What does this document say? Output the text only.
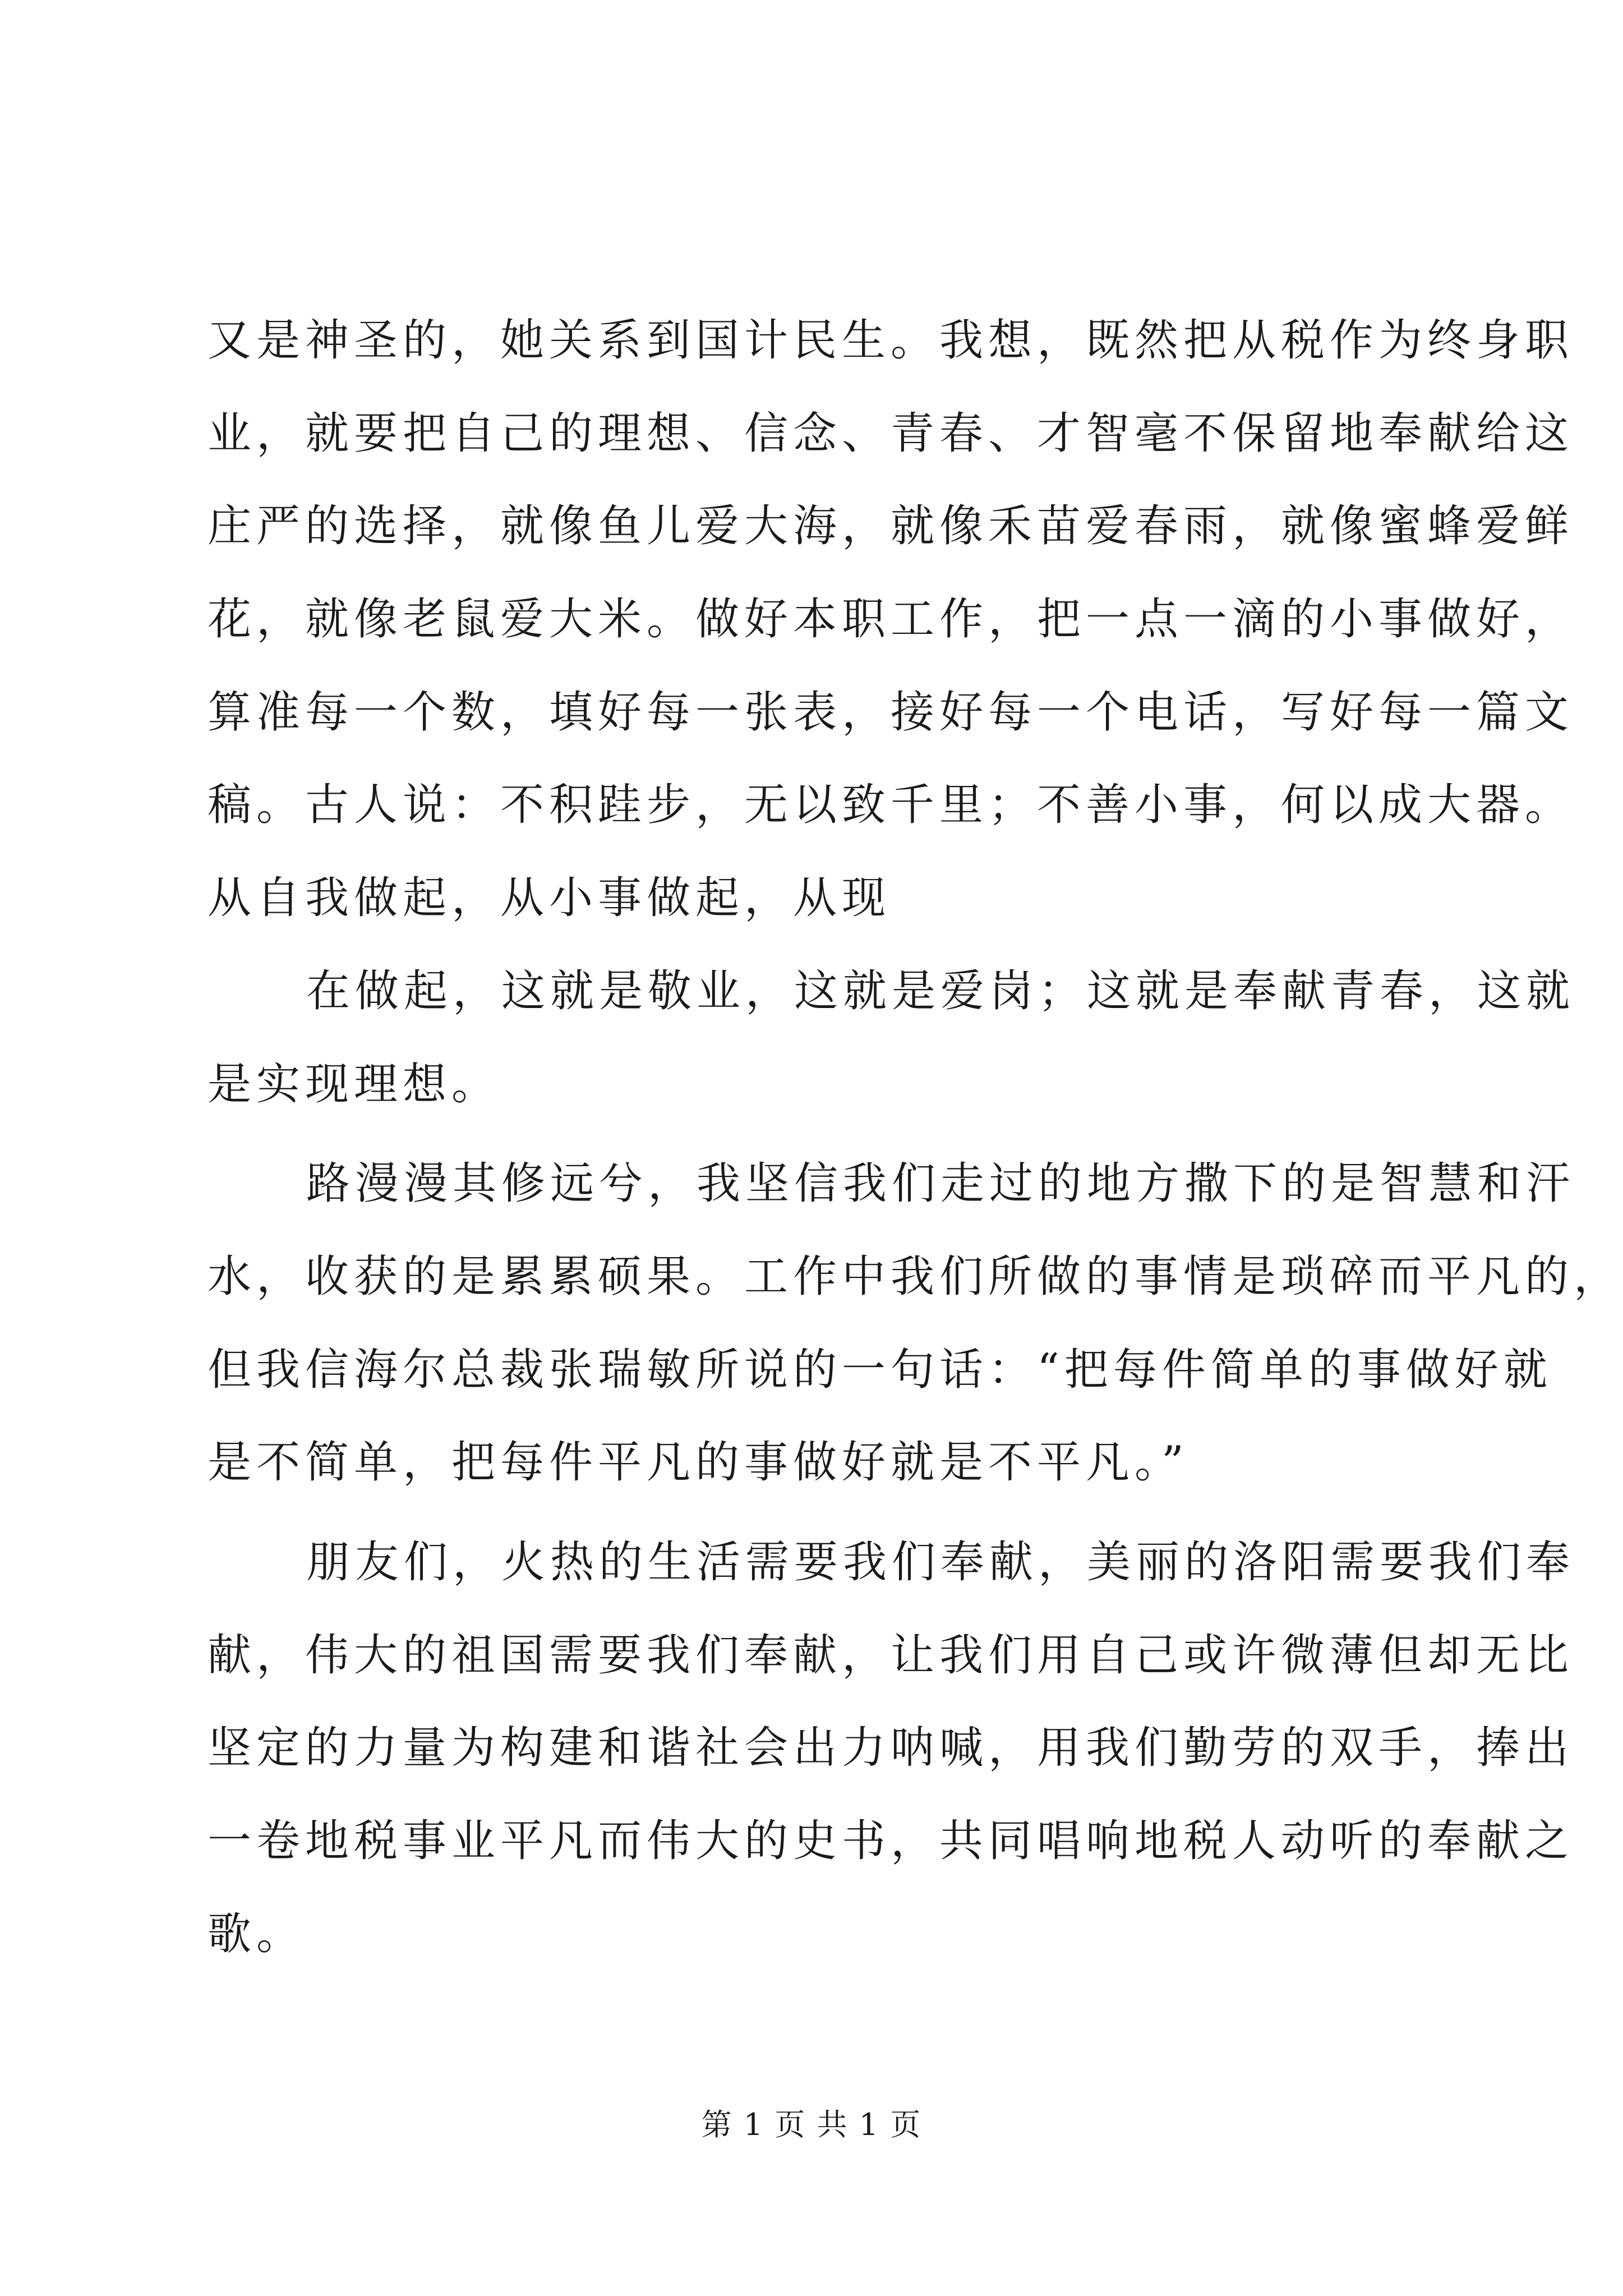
又是神圣的，她关系到国计民生。我想，既然把从税作为终身职
业，就要把自己的理想、信念、青春、才智毫不保留地奉献给这
庄严的选择，就像鱼儿爱大海，就像禾苗爱春雨，就像蜜蜂爱鲜
花，就像老鼠爱大米。做好本职工作，把一点一滴的小事做好，
算准每一个数，填好每一张表，接好每一个电话，写好每一篇文
稿。古人说：不积跬步，无以致千里；不善小事，何以成大器。
从自我做起，从小事做起，从现
在做起，这就是敬业，这就是爱岗；这就是奉献青春，这就
是实现理想。
路漫漫其修远兮，我坚信我们走过的地方撒下的是智慧和汗
水，收获的是累累硕果。工作中我们所做的事情是琐碎而平凡的，
但我信海尔总裁张瑞敏所说的一句话：“把每件简单的事做好就
是不简单，把每件平凡的事做好就是不平凡。”
朋友们，火热的生活需要我们奉献，美丽的洛阳需要我们奉
献，伟大的祖国需要我们奉献，让我们用自己或许微薄但却无比
坚定的力量为构建和谐社会出力呐喊，用我们勤劳的双手，捧出
一卷地税事业平凡而伟大的史书，共同唱响地税人动听的奉献之
歌。
第 1 页 共 1 页
